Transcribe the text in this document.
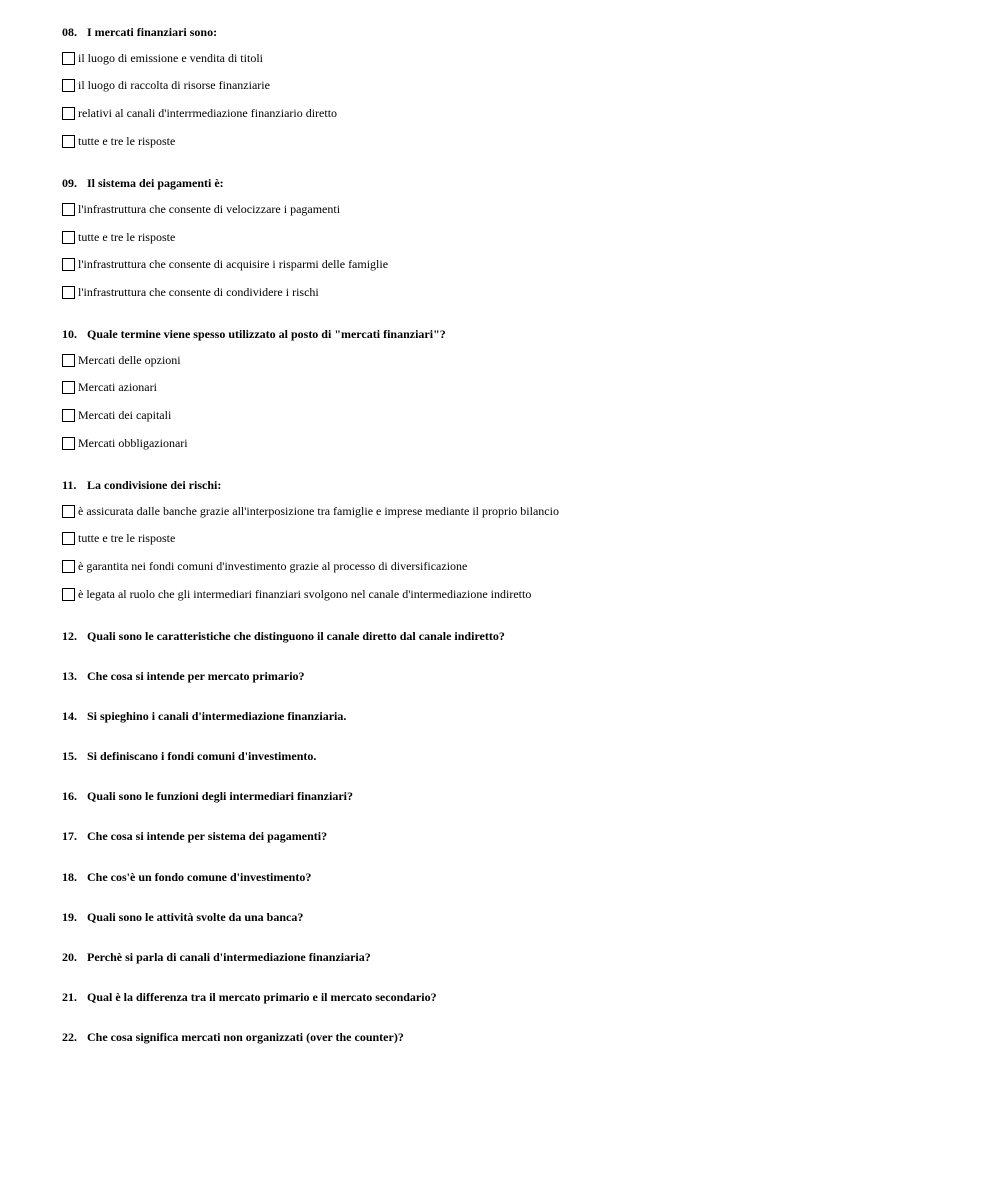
08. I mercati finanziari sono:
il luogo di emissione e vendita di titoli
il luogo di raccolta di risorse finanziarie
relativi al canali d'interrmediazione finanziario diretto
tutte e tre le risposte
09. Il sistema dei pagamenti è:
l'infrastruttura che consente di velocizzare i pagamenti
tutte e tre le risposte
l'infrastruttura che consente di acquisire i risparmi delle famiglie
l'infrastruttura che consente di condividere i rischi
10. Quale termine viene spesso utilizzato al posto di "mercati finanziari"?
Mercati delle opzioni
Mercati azionari
Mercati dei capitali
Mercati obbligazionari
11. La condivisione dei rischi:
è assicurata dalle banche grazie all'interposizione tra famiglie e imprese mediante il proprio bilancio
tutte e tre le risposte
è garantita nei fondi comuni d'investimento grazie al processo di diversificazione
è legata al ruolo che gli intermediari finanziari svolgono nel canale d'intermediazione indiretto
12. Quali sono le caratteristiche che distinguono il canale diretto dal canale indiretto?
13. Che cosa si intende per mercato primario?
14. Si spieghino i canali d'intermediazione finanziaria.
15. Si definiscano i fondi comuni d'investimento.
16. Quali sono le funzioni degli intermediari finanziari?
17. Che cosa si intende per sistema dei pagamenti?
18. Che cos'è un fondo comune d'investimento?
19. Quali sono le attività svolte da una banca?
20. Perchè si parla di canali d'intermediazione finanziaria?
21. Qual è la differenza tra il mercato primario e il mercato secondario?
22. Che cosa significa mercati non organizzati (over the counter)?
